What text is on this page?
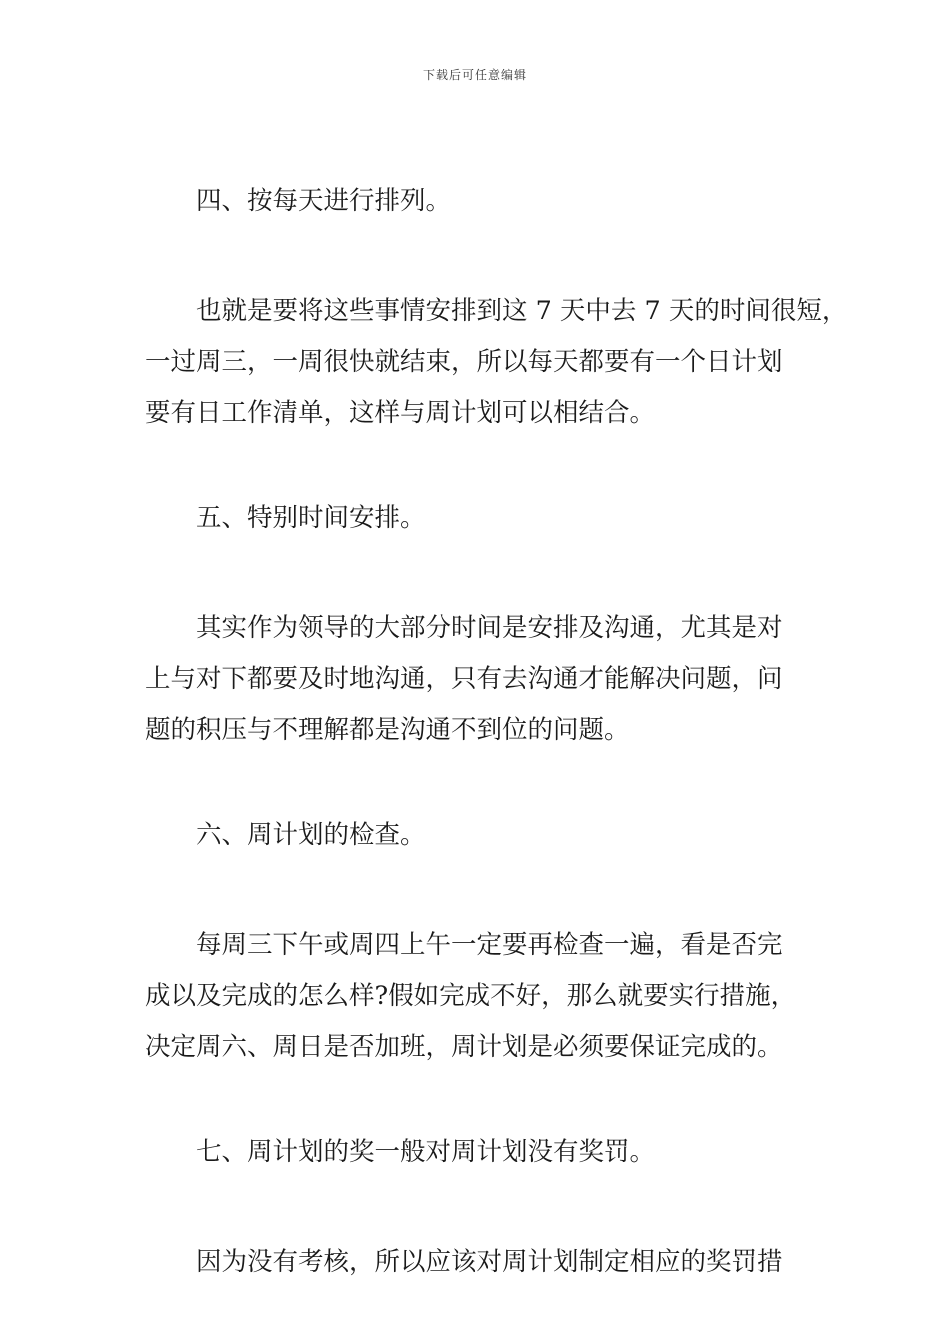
下载后可任意编辑

四、按每天进行排列。

也就是要将这些事情安排到这 7 天中去 7 天的时间很短，
一过周三，一周很快就结束，所以每天都要有一个日计划
要有日工作清单，这样与周计划可以相结合。

五、特别时间安排。

其实作为领导的大部分时间是安排及沟通，尤其是对
上与对下都要及时地沟通，只有去沟通才能解决问题，问
题的积压与不理解都是沟通不到位的问题。

六、周计划的检查。

每周三下午或周四上午一定要再检查一遍，看是否完
成以及完成的怎么样?假如完成不好，那么就要实行措施，
决定周六、周日是否加班，周计划是必须要保证完成的。

七、周计划的奖一般对周计划没有奖罚。

因为没有考核，所以应该对周计划制定相应的奖罚措
